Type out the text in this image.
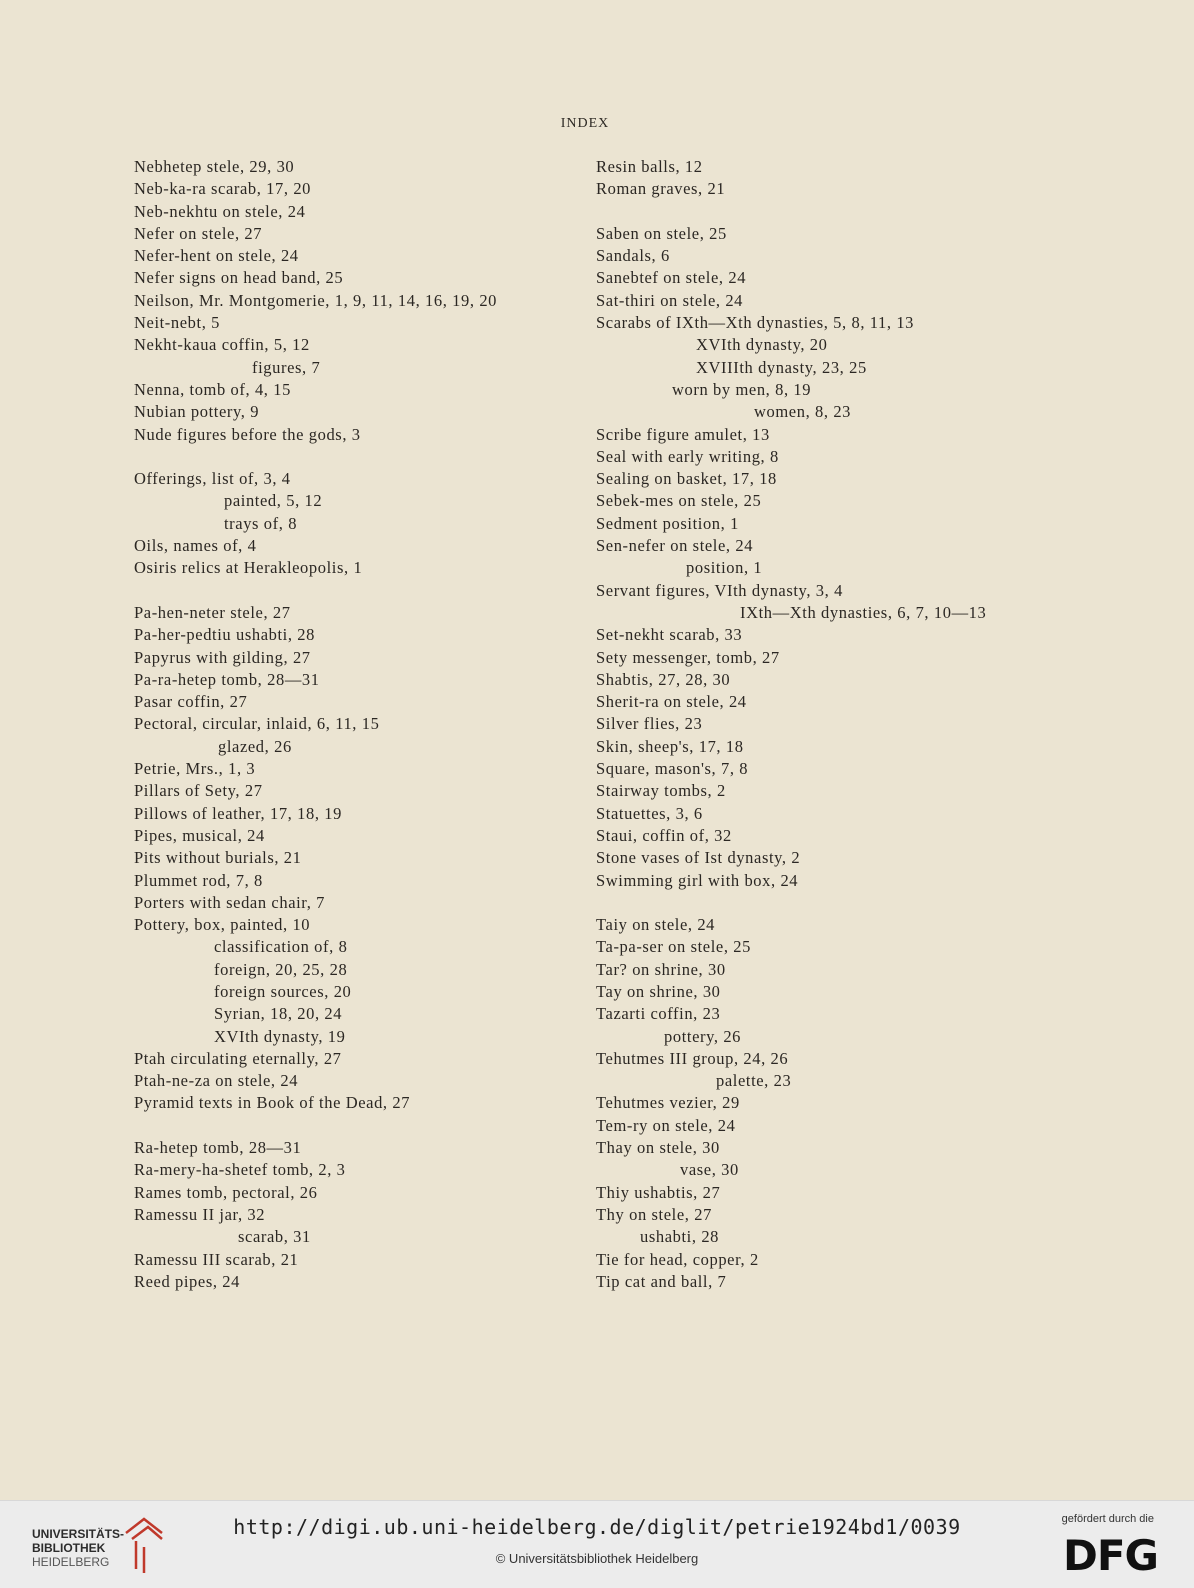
INDEX
Nebhetep stele, 29, 30
Neb-ka-ra scarab, 17, 20
Neb-nekhtu on stele, 24
Nefer on stele, 27
Nefer-hent on stele, 24
Nefer signs on head band, 25
Neilson, Mr. Montgomerie, 1, 9, 11, 14, 16, 19, 20
Neit-nebt, 5
Nekht-kaua coffin, 5, 12
figures, 7
Nenna, tomb of, 4, 15
Nubian pottery, 9
Nude figures before the gods, 3
Offerings, list of, 3, 4
painted, 5, 12
trays of, 8
Oils, names of, 4
Osiris relics at Herakleopolis, 1
Pa-hen-neter stele, 27
Pa-her-pedtiu ushabti, 28
Papyrus with gilding, 27
Pa-ra-hetep tomb, 28—31
Pasar coffin, 27
Pectoral, circular, inlaid, 6, 11, 15
glazed, 26
Petrie, Mrs., 1, 3
Pillars of Sety, 27
Pillows of leather, 17, 18, 19
Pipes, musical, 24
Pits without burials, 21
Plummet rod, 7, 8
Porters with sedan chair, 7
Pottery, box, painted, 10
classification of, 8
foreign, 20, 25, 28
foreign sources, 20
Syrian, 18, 20, 24
XVIth dynasty, 19
Ptah circulating eternally, 27
Ptah-ne-za on stele, 24
Pyramid texts in Book of the Dead, 27
Ra-hetep tomb, 28—31
Ra-mery-ha-shetef tomb, 2, 3
Rames tomb, pectoral, 26
Ramessu II jar, 32
scarab, 31
Ramessu III scarab, 21
Reed pipes, 24
Resin balls, 12
Roman graves, 21
Saben on stele, 25
Sandals, 6
Sanebtef on stele, 24
Sat-thiri on stele, 24
Scarabs of IXth—Xth dynasties, 5, 8, 11, 13
XVIth dynasty, 20
XVIIIth dynasty, 23, 25
worn by men, 8, 19
women, 8, 23
Scribe figure amulet, 13
Seal with early writing, 8
Sealing on basket, 17, 18
Sebek-mes on stele, 25
Sedment position, 1
Sen-nefer on stele, 24
position, 1
Servant figures, VIth dynasty, 3, 4
IXth—Xth dynasties, 6, 7, 10—13
Set-nekht scarab, 33
Sety messenger, tomb, 27
Shabtis, 27, 28, 30
Sherit-ra on stele, 24
Silver flies, 23
Skin, sheep's, 17, 18
Square, mason's, 7, 8
Stairway tombs, 2
Statuettes, 3, 6
Staui, coffin of, 32
Stone vases of Ist dynasty, 2
Swimming girl with box, 24
Taiy on stele, 24
Ta-pa-ser on stele, 25
Tar? on shrine, 30
Tay on shrine, 30
Tazarti coffin, 23
pottery, 26
Tehutmes III group, 24, 26
palette, 23
Tehutmes vezier, 29
Tem-ry on stele, 24
Thay on stele, 30
vase, 30
Thiy ushabtis, 27
Thy on stele, 27
ushabti, 28
Tie for head, copper, 2
Tip cat and ball, 7
UNIVERSITÄTS-
BIBLIOTHEK
HEIDELBERG
http://digi.ub.uni-heidelberg.de/diglit/petrie1924bd1/0039
© Universitätsbibliothek Heidelberg
gefördert durch die
DFG
